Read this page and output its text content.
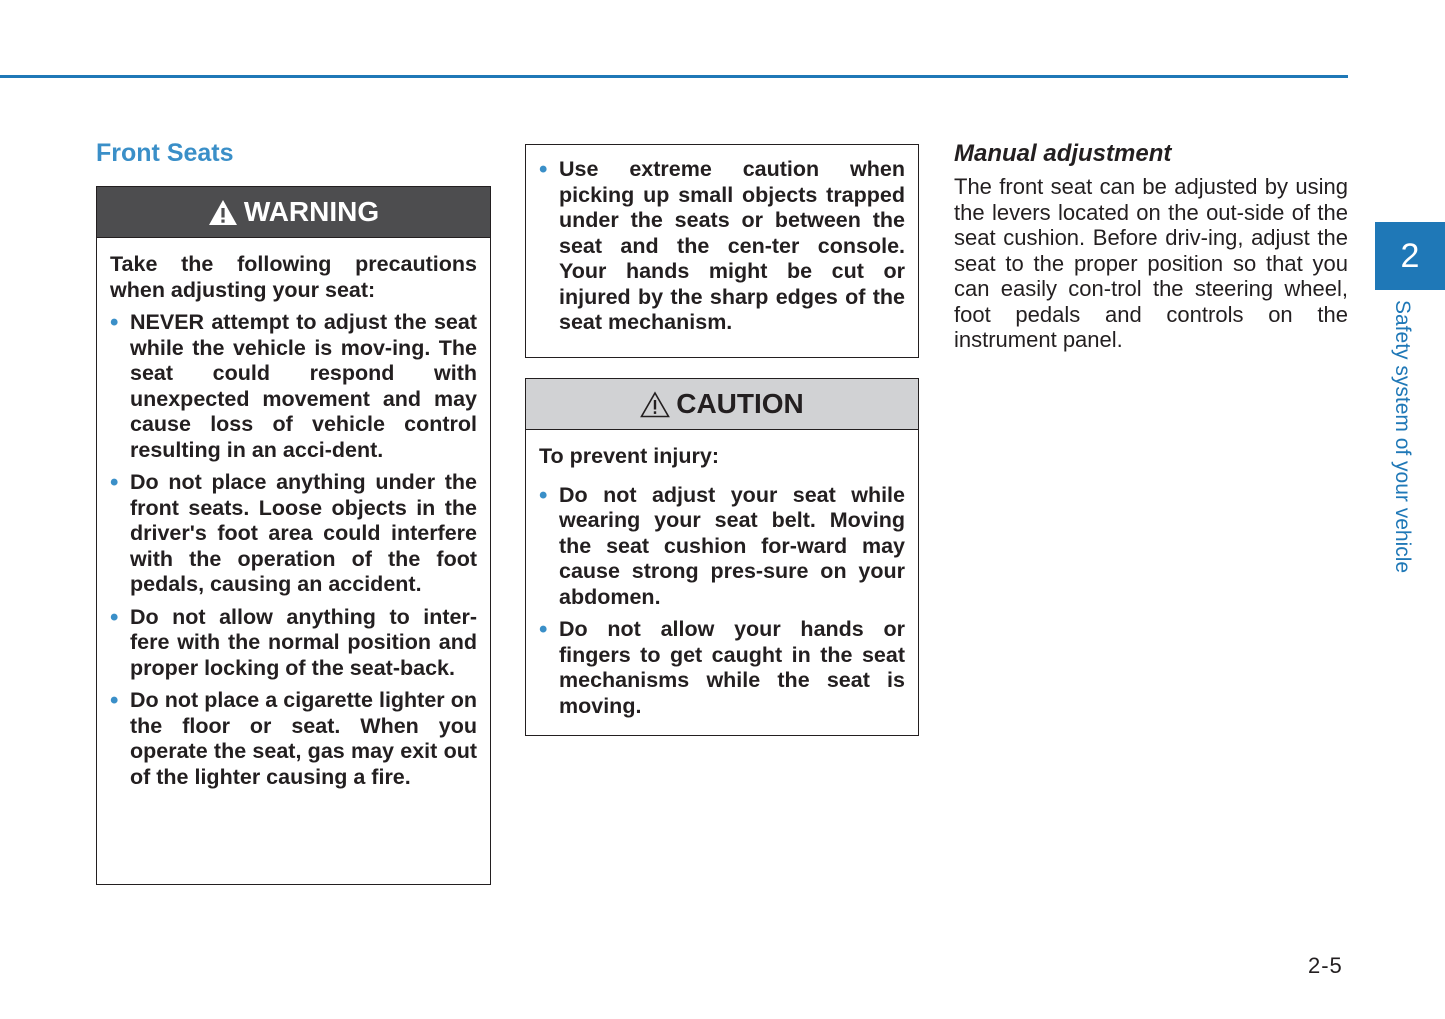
Front Seats
WARNING

Take the following precautions when adjusting your seat:

• NEVER attempt to adjust the seat while the vehicle is mov-ing. The seat could respond with unexpected movement and may cause loss of vehicle control resulting in an acci-dent.
• Do not place anything under the front seats. Loose objects in the driver's foot area could interfere with the operation of the foot pedals, causing an accident.
• Do not allow anything to inter-fere with the normal position and proper locking of the seat-back.
• Do not place a cigarette lighter on the floor or seat. When you operate the seat, gas may exit out of the lighter causing a fire.
• Use extreme caution when picking up small objects trapped under the seats or between the seat and the cen-ter console. Your hands might be cut or injured by the sharp edges of the seat mechanism.
CAUTION

To prevent injury:

• Do not adjust your seat while wearing your seat belt. Moving the seat cushion for-ward may cause strong pres-sure on your abdomen.
• Do not allow your hands or fingers to get caught in the seat mechanisms while the seat is moving.
Manual adjustment

The front seat can be adjusted by using the levers located on the out-side of the seat cushion. Before driv-ing, adjust the seat to the proper position so that you can easily con-trol the steering wheel, foot pedals and controls on the instrument panel.

2
Safety system of your vehicle
2-5
